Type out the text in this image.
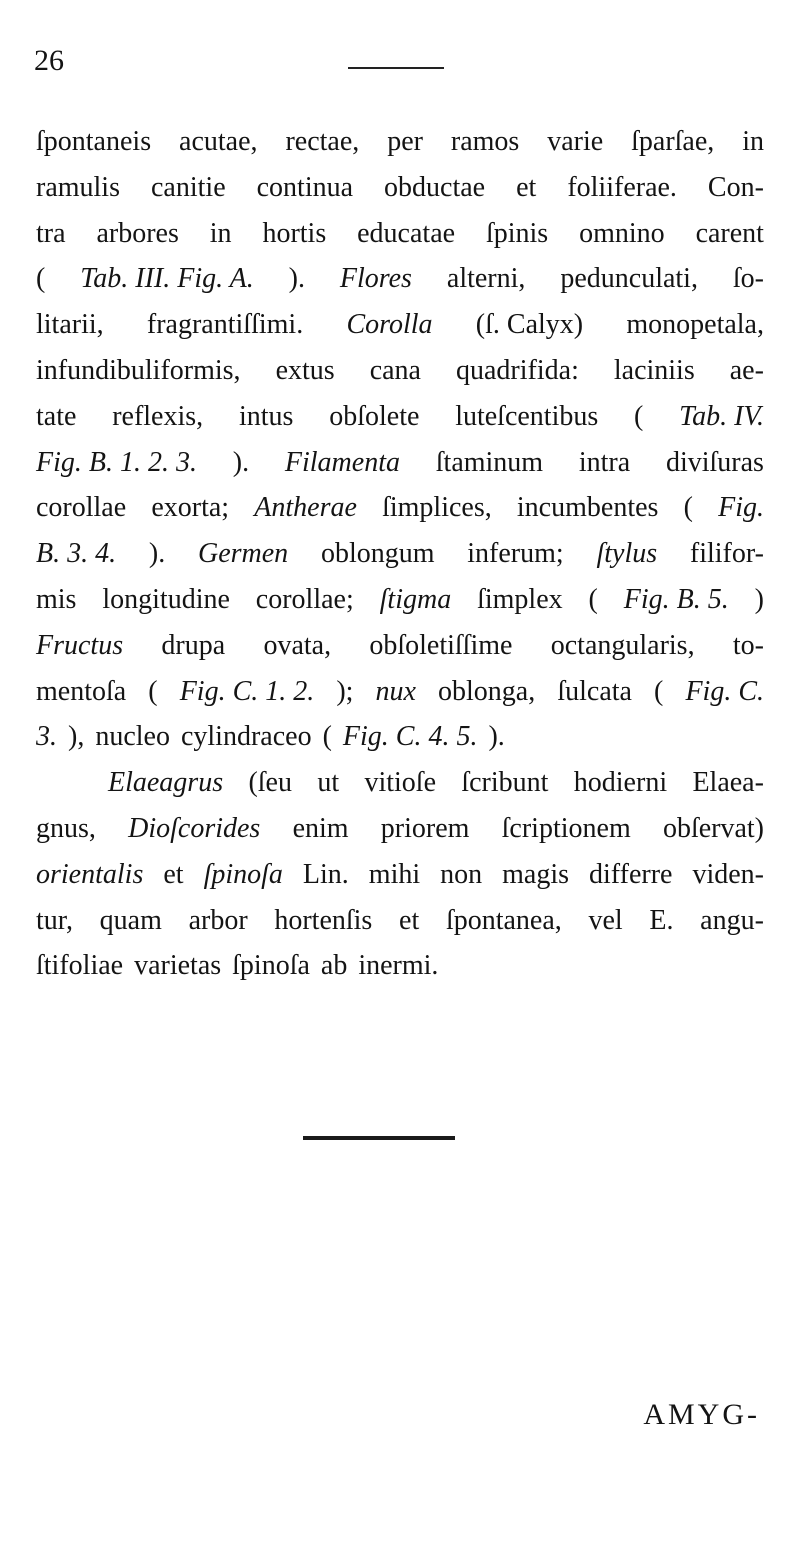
26
ſpontaneis acutae, rectae, per ramos varie ſparſae, in
ramulis canitie continua obductae et foliiferae. Con-
tra arbores in hortis educatae ſpinis omnino carent
( Tab. III. Fig. A. ). Flores alterni, pedunculati, ſo-
litarii, fragrantiſſimi. Corolla (ſ. Calyx) monopetala,
infundibuliformis, extus cana quadrifida: laciniis ae-
tate reflexis, intus obſolete luteſcentibus ( Tab. IV.
Fig. B. 1. 2. 3. ). Filamenta ſtaminum intra diviſuras
corollae exorta; Antherae ſimplices, incumbentes ( Fig.
B. 3. 4. ). Germen oblongum inferum; ſtylus filifor-
mis longitudine corollae; ſtigma ſimplex ( Fig. B. 5. )
Fructus drupa ovata, obſoletiſſime octangularis, to-
mentoſa ( Fig. C. 1. 2. ); nux oblonga, ſulcata ( Fig. C.
3. ), nucleo cylindraceo ( Fig. C. 4. 5. ).
Elaeagrus (ſeu ut vitioſe ſcribunt hodierni Elaea-
gnus, Dioſcorides enim priorem ſcriptionem obſervat)
orientalis et ſpinoſa Lin. mihi non magis differre viden-
tur, quam arbor hortenſis et ſpontanea, vel E. angu-
ſtifoliae varietas ſpinoſa ab inermi.
AMYG-
